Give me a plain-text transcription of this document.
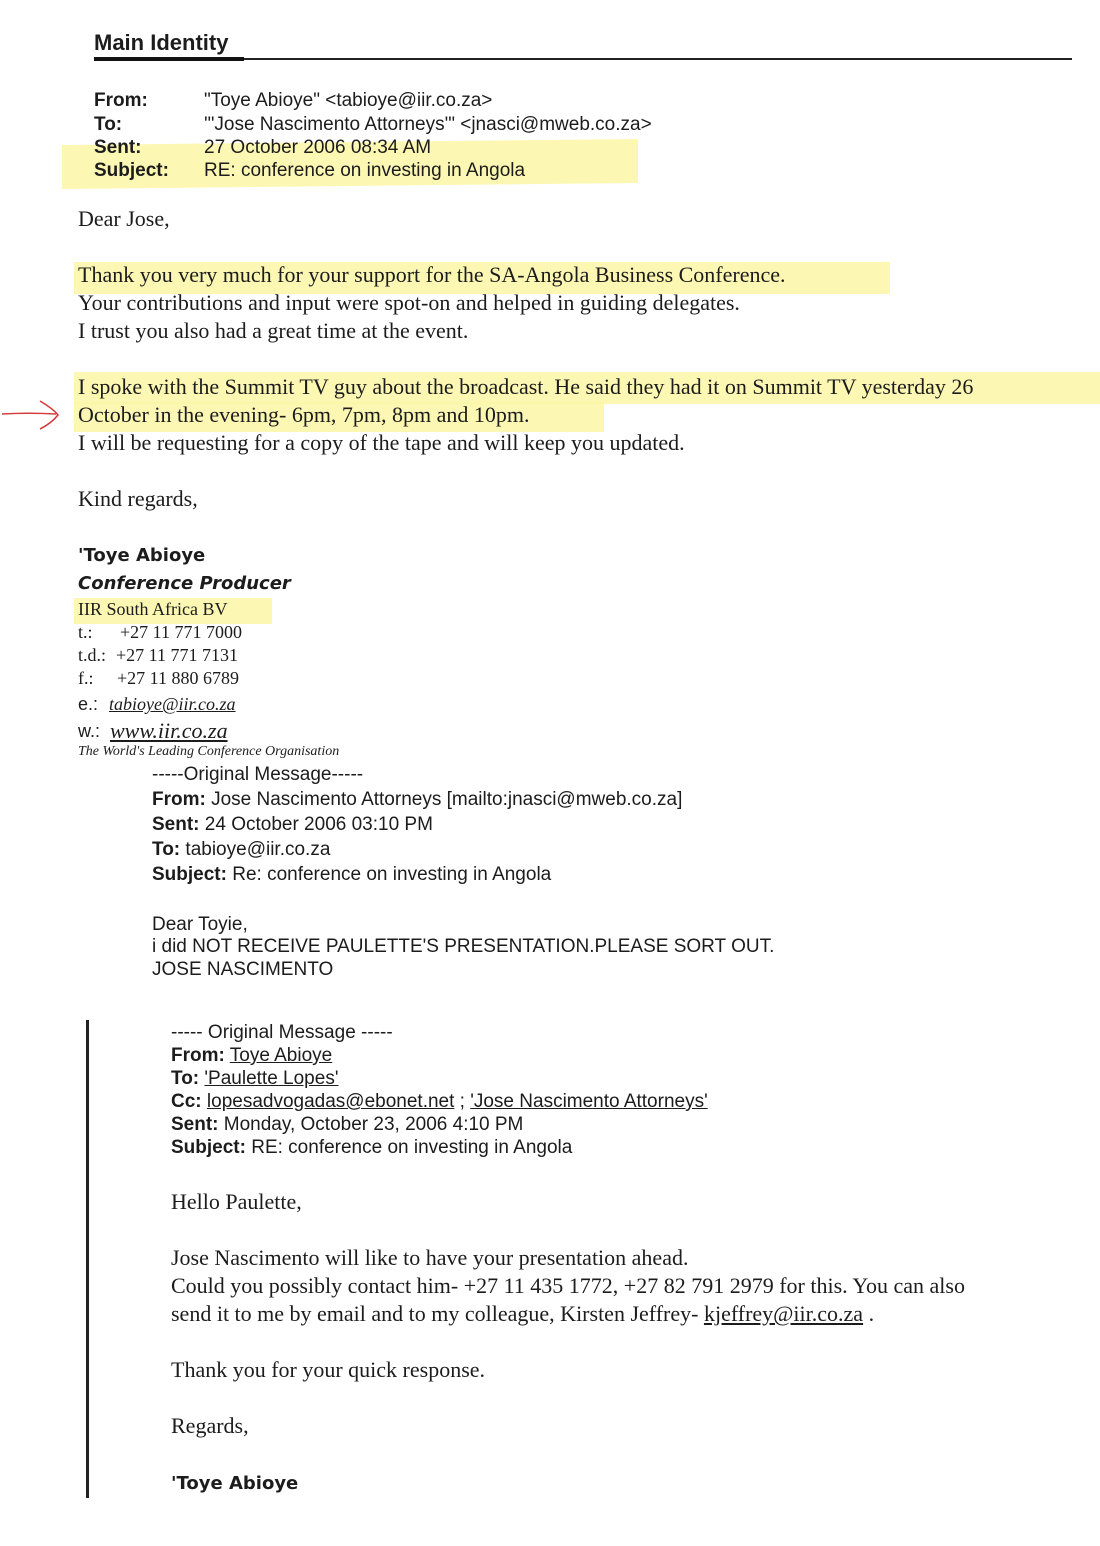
Main Identity
From:	"Toye Abioye" <tabioye@iir.co.za>
To:	'"Jose Nascimento Attorneys'" <jnasci@mweb.co.za>
Sent:	27 October 2006 08:34 AM
Subject: RE: conference on investing in Angola
Dear Jose,
Thank you very much for your support for the SA-Angola Business Conference.
Your contributions and input were spot-on and helped in guiding delegates.
I trust you also had a great time at the event.
I spoke with the Summit TV guy about the broadcast. He said they had it on Summit TV yesterday 26
October in the evening- 6pm, 7pm, 8pm and 10pm.
I will be requesting for a copy of the tape and will keep you updated.
Kind regards,
'Toye Abioye
Conference Producer
IIR South Africa BV
t.: +27 11 771 7000
t.d.: +27 11 771 7131
f.: +27 11 880 6789
e.: tabioye@iir.co.za
w.: www.iir.co.za
The World's Leading Conference Organisation
-----Original Message-----
From: Jose Nascimento Attorneys [mailto:jnasci@mweb.co.za]
Sent: 24 October 2006 03:10 PM
To: tabioye@iir.co.za
Subject: Re: conference on investing in Angola
Dear Toyie,
i did NOT RECEIVE PAULETTE'S PRESENTATION.PLEASE SORT OUT.
JOSE NASCIMENTO
----- Original Message -----
From: Toye Abioye
To: 'Paulette Lopes'
Cc: lopesadvogadas@ebonet.net ; 'Jose Nascimento Attorneys'
Sent: Monday, October 23, 2006 4:10 PM
Subject: RE: conference on investing in Angola
Hello Paulette,
Jose Nascimento will like to have your presentation ahead.
Could you possibly contact him- +27 11 435 1772, +27 82 791 2979 for this. You can also
send it to me by email and to my colleague, Kirsten Jeffrey- kjeffrey@iir.co.za .
Thank you for your quick response.
Regards,
'Toye Abioye
